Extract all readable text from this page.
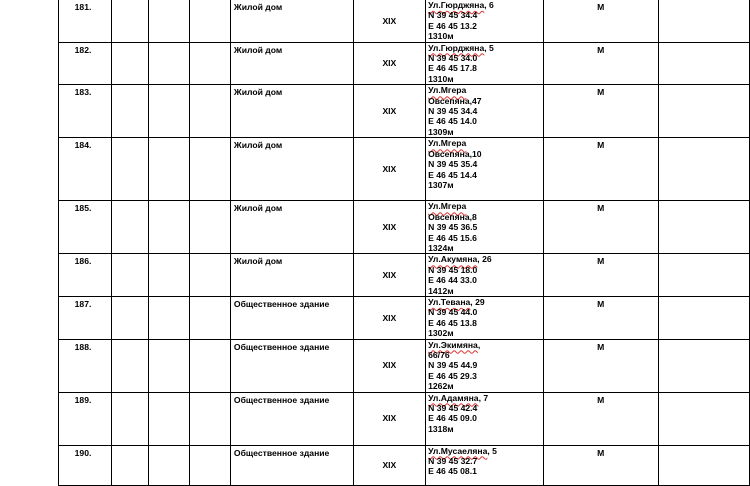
181.				Жилой дом	XIX	Ул.Гюрджяна, 6
N 39 45 34.4
E 46 45 13.2
1310м	M	
182.				Жилой дом	XIX	Ул.Гюрджяна, 5
N 39 45 34.0
E 46 45 17.8
1310м	M	
183.				Жилой дом	XIX	Ул.Мгера
Овсепяна,47
N 39 45 34.4
E 46 45 14.0
1309м	M	
184.				Жилой дом	XIX	Ул.Мгера
Овсепяна,10
N 39 45 35.4
E 46 45 14.4
1307м	M	
185.				Жилой дом	XIX	Ул.Мгера
Овсепяна,8
N 39 45 36.5
E 46 45 15.6
1324м	M	
186.				Жилой дом	XIX	Ул.Акумяна, 26
N 39 45 18.0
E 46 44 33.0
1412м	M	
187.				Общественное здание	XIX	Ул.Тевана, 29
N 39 45 44.0
E 46 45 13.8
1302м	M	
188.				Общественное здание	XIX	Ул.Экимяна,
66/76
N 39 45 44.9
E 46 45 29.3
1262м	M	
189.				Общественное здание	XIX	Ул.Адамяна, 7
N 39 45 42.4
E 46 45 09.0
1318м	M	
190.				Общественное здание	XIX	Ул.Мусаеляна, 5
N 39 45 32.7
E 46 45 08.1	M	
